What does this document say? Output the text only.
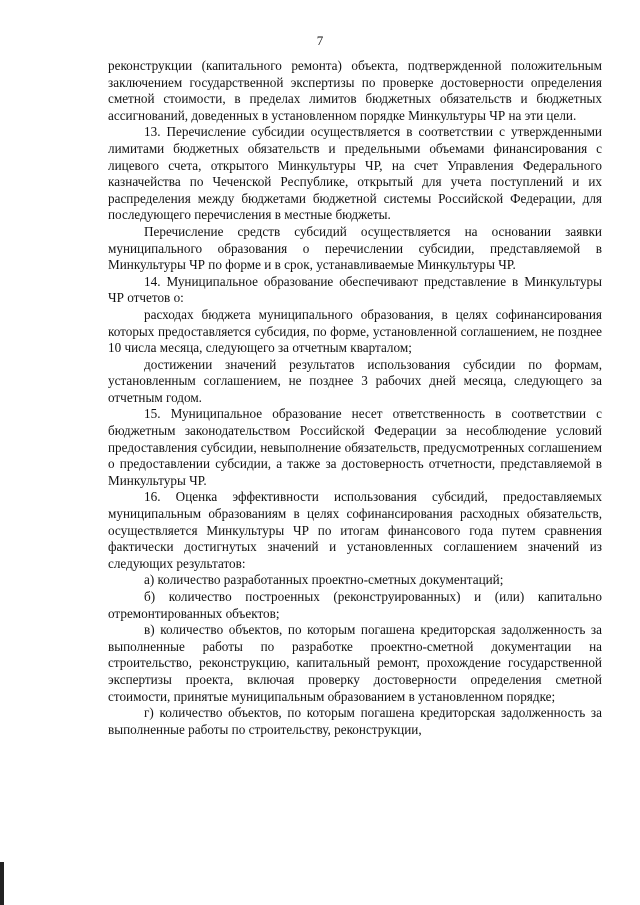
7

реконструкции (капитального ремонта) объекта, подтвержденной положительным заключением государственной экспертизы по проверке достоверности определения сметной стоимости, в пределах лимитов бюджетных обязательств и бюджетных ассигнований, доведенных в установленном порядке Минкультуры ЧР на эти цели.

13. Перечисление субсидии осуществляется в соответствии с утвержденными лимитами бюджетных обязательств и предельными объемами финансирования с лицевого счета, открытого Минкультуры ЧР, на счет Управления Федерального казначейства по Чеченской Республике, открытый для учета поступлений и их распределения между бюджетами бюджетной системы Российской Федерации, для последующего перечисления в местные бюджеты.

Перечисление средств субсидий осуществляется на основании заявки муниципального образования о перечислении субсидии, представляемой в Минкультуры ЧР по форме и в срок, устанавливаемые Минкультуры ЧР.

14. Муниципальное образование обеспечивают представление в Минкультуры ЧР отчетов о:

расходах бюджета муниципального образования, в целях софинансирования которых предоставляется субсидия, по форме, установленной соглашением, не позднее 10 числа месяца, следующего за отчетным кварталом;

достижении значений результатов использования субсидии по формам, установленным соглашением, не позднее 3 рабочих дней месяца, следующего за отчетным годом.

15. Муниципальное образование несет ответственность в соответствии с бюджетным законодательством Российской Федерации за несоблюдение условий предоставления субсидии, невыполнение обязательств, предусмотренных соглашением о предоставлении субсидии, а также за достоверность отчетности, представляемой в Минкультуры ЧР.

16. Оценка эффективности использования субсидий, предоставляемых муниципальным образованиям в целях софинансирования расходных обязательств, осуществляется Минкультуры ЧР по итогам финансового года путем сравнения фактически достигнутых значений и установленных соглашением значений из следующих результатов:

а) количество разработанных проектно-сметных документаций;

б) количество построенных (реконструированных) и (или) капитально отремонтированных объектов;

в) количество объектов, по которым погашена кредиторская задолженность за выполненные работы по разработке проектно-сметной документации на строительство, реконструкцию, капитальный ремонт, прохождение государственной экспертизы проекта, включая проверку достоверности определения сметной стоимости, принятые муниципальным образованием в установленном порядке;

г) количество объектов, по которым погашена кредиторская задолженность за выполненные работы по строительству, реконструкции,
